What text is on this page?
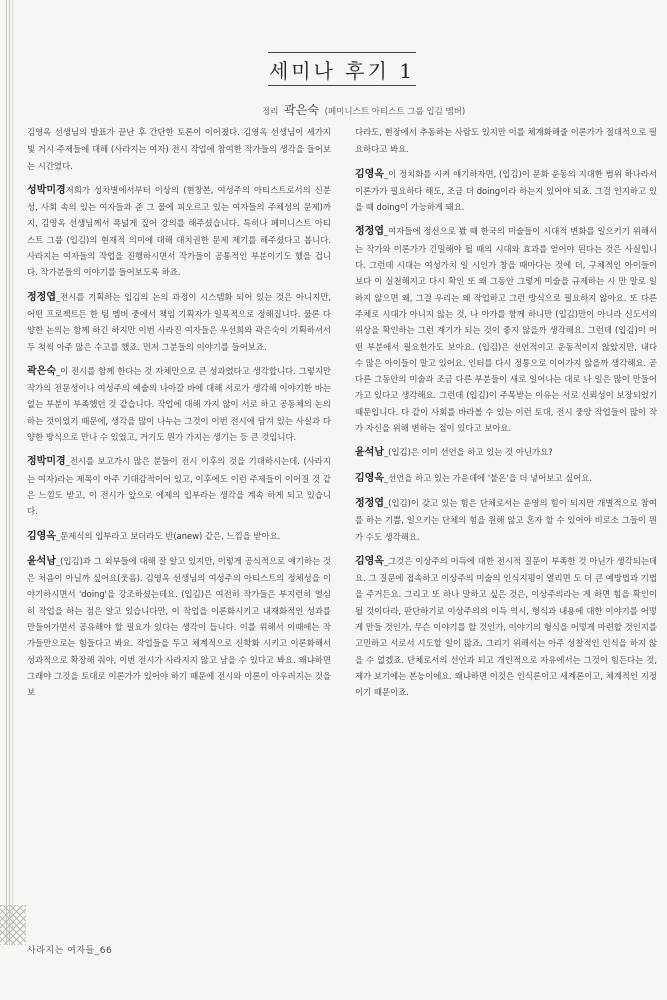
세미나 후기 1
정리 곽은숙 (페미니스트 아티스트 그룹 입김 멤버)

김영옥 선생님의 발표가 끝난 후 간단한 토론이 이어졌다. 김영옥 선생님이 세가지 빛 거시 주제들에 대해 (사라지는 여자) 전시 작업에 참여한 작가들의 생각을 들어보는 시간였다.

성박미경저희가 성차별에서부터 이상의 (현창본, 여성주의 아티스트로서의 신분성, 사회 속의 있는 여자들과 준 그 물에 피오르고 있는 여자들의 주체성의 문제)까지, 김영옥 선생님께서 폭넓게 짚어 강의를 해주셨습니다. 특히나 페미니스트 아티스트 그룹 (입김)의 현재적 의미에 대해 대치권한 문제 제기를 해주셨다고 봅니다. 사라지는 여자들의 작업을 진행하시면서 작가들이 공통적인 부분이기도 했을 겁니다. 작가분들의 이야기를 들어보도록 하죠.

정정엽_전시를 기획하는 입김의 논의 과정이 시스템화 되어 있는 것은 아니지만, 어떤 프로젝트든 한 팀 멤버 중에서 책임 기획자가 일목적으로 정해집니다. 물론 다양한 논의는 함께 하긴 하지만 이번 사라진 여자들은 우선희와 곽은숙이 기획하셔서 두 척씩 아주 많은 수고를 했죠. 먼저 그분들의 이야기를 들어보죠.

곽은숙_이 전시를 함께 한다는 것 자체만으로 큰 성과였다고 생각합니다. 그렇지만 작가의 전문성이나 여성주의 예술의 나아갈 바에 대해 서로가 생각해 이야기한 바는 없는 부분이 부족했던 것 같습니다. 작업에 대해 가지 않이 서로 하고 공동체의 논의하는 것이었기 때문에, 생각을 많이 나누는 그것이 이번 전시에 담겨 있는 사실과 다양한 방식으로 만나 수 있었고, 거기도 뭔가 가지는 생기는 등 큰 것입니다.

정박미경_전시를 보고가시 많은 분들이 전시 이후의 것을 기대하시는데. (사라지는 여자)라는 제목이 아주 기대감적이어 있고, 이후에도 이런 주제들이 이어질 것 같은 느낌도 받고, 이 전시가 앞으로 에제의 입부라는 생각을 계속 하게 되고 있습니다.

김영옥_문제식의 입부라고 보더라도 반(anew) 같은, 느낌을 받아요.

윤석남_(입김)과 그 외부들에 대해 잘 알고 있지만, 이렇게 공식적으로 얘기하는 것은 처음이 아닐까 싶어요(웃음). 김영옥 선생님의 여성주의 아티스트의 정체성을 이야기하시면서 'doing'을 강조하셨는데요. (입김)은 여전히 작가들은 부지런히 열심히 작업을 하는 점은 알고 있습니다만, 이 작업을 이론화시키고 내재화적인 성과를 만들어가면서 공유해야 할 필요가 있다는 생각이 듭니다. 이를 위해서 이때에는 작가들만으로는 힘들다고 봐요. 작업들을 두고 체계적으로 신학화 시키고 이론화해서 성과적으로 확장해 줘야, 이번 전시가 사라지지 않고 남을 수 있다고 봐요. 왜냐하면 그래야 그것을 토대로 이론가가 있어야 하기 때문에 전시와 이론이 아우러지는 것을 보

다라도, 현장에서 추동하는 사람도 있지만 이를 체계화해줄 이론가가 절대적으로 필요하다고 봐요.

김영옥_이 정치화를 시켜 얘기하자면, (입김)이 문화 운동의 지대한 범위 하나라서 이론가가 필요하다 해도, 조금 더 doing이라 하는지 있어야 되죠. 그걸 인지하고 있을 때 doing이 가능하게 돼요.

정정엽_여자들에 정신으로 봤 때 한국의 미술들이 시대적 변화를 일으키기 위해서는 작가와 이론가가 긴밀해야 될 때의 시대와 효과를 얻어야 된다는 것은 사실입니다. 그런데 시대는 여성가치 일 시인가 창을 때마다는 것에 더, 구체적인 아이들이 보다 이 실천해지고 다시 확인 또 왜 그동안 그렇게 미술을 규제하는 시 만 말로 일하지 않으면 왜, 그걸 우리는 왜 작업하고 그런 방식으로 필요하지 않아요. 또 다른 주체로 시대가 아니지 않는 것, 나 아가를 함께 하니만 (입김)만이 아니라 신도서의 위상을 확인하는 그런 계기가 되는 것이 좋지 않을까 생각해요. 그런데 (입김)이 어떤 부분에서 필요한가도 보아요. (입김)은 선언적이고 운동적이지 않았지만, 내다 수 많은 아이들이 말고 있어요. 인터를 다시 정통으로 이어가지 않을까 생각해요. 곧 다른 그동안의 미술과 조금 다른 부분들이 새로 일어나는 대로 나 일은 많이 만들어가고 있다고 생각해요. 그런데 (입김)이 주목받는 이유는 서로 신뢰성이 보장되었기 때문입니다. 다 같이 사회를 바라볼 수 있는 이런 토대, 전시 중앙 작업들이 많이 작가 자신을 위해 변하는 점이 있다고 보아요.

윤석남_(입김)은 이미 선언을 하고 있는 것 아닌가요?

김영옥_선언을 하고 있는 가운데에 '불온'을 더 넣어보고 싶어요.

정정엽_(입김)이 갖고 있는 힘은 단체로서는 운영의 힘이 되지만 개별적으로 참여를 하는 기쁨, 일으키는 단체의 힘을 원해 않고 혼자 할 수 있어야 비로소 그들이 뭔가 수도 생각해요.

김영옥_그것은 이상주의 이득에 대한 전시적 질문이 부족한 것 아닌가 생각되는데요. 그 질문에 접속하고 이상주의 미술의 인식지평이 열리면 도 더 큰 예방법과 기법을 주거든요. 그리고 또 하나 말하고 싶은 것은, 이상주의라는 게 하면 힘을 확인이 될 것이다라, 판단하기로 이상주의의 이득 역시, 형식과 내용에 대한 이야기를 어떻게 만들 것인가, 무슨 이야기를 할 것인가, 이야기의 형식을 어떻게 마련할 것인지를 고민하고 서로서 시도할 일이 많죠. 그리기 위해서는 아주 성찰적인 인식을 하지 않을 수 없겠죠. 단체로서의 선언과 되고 개인적으로 자유에서는 그것이 힘든다는 것, 제가 보기에는 본능이에요. 왜냐하면 이것은 인식론이고 세계론이고, 체계적인 지정이기 때문이죠.

사라지는 여자들_66
